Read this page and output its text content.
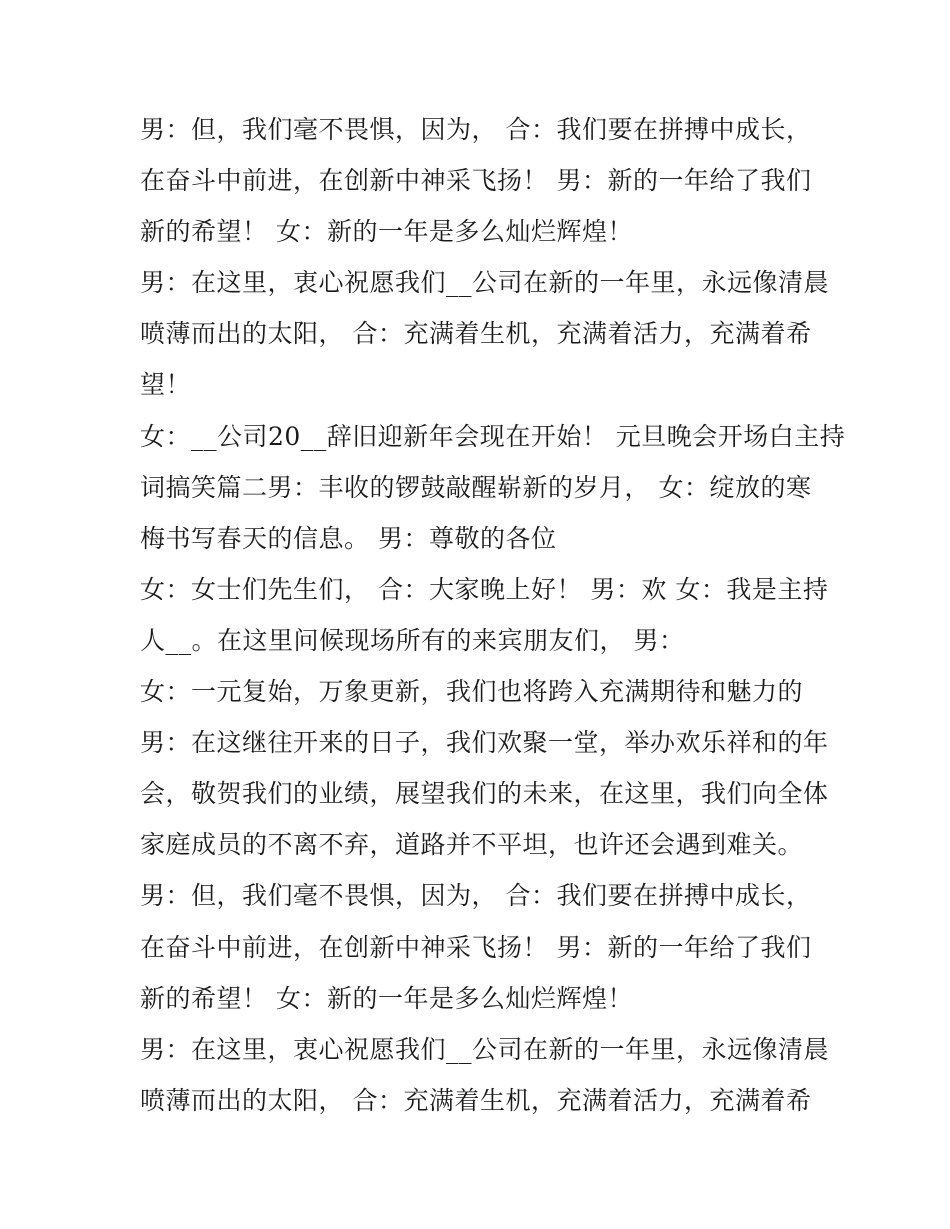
男：但，我们毫不畏惧，因为， 合：我们要在拼搏中成长，
在奋斗中前进，在创新中神采飞扬！ 男：新的一年给了我们
新的希望！ 女：新的一年是多么灿烂辉煌！
男：在这里，衷心祝愿我们__公司在新的一年里，永远像清晨
喷薄而出的太阳， 合：充满着生机，充满着活力，充满着希
望！
女：__公司20__辞旧迎新年会现在开始！ 元旦晚会开场白主持
词搞笑篇二男：丰收的锣鼓敲醒崭新的岁月， 女：绽放的寒
梅书写春天的信息。 男：尊敬的各位
女：女士们先生们， 合：大家晚上好！ 男：欢 女：我是主持
人__。在这里问候现场所有的来宾朋友们， 男：
女：一元复始，万象更新，我们也将跨入充满期待和魅力的
男：在这继往开来的日子，我们欢聚一堂，举办欢乐祥和的年
会，敬贺我们的业绩，展望我们的未来，在这里，我们向全体
家庭成员的不离不弃，道路并不平坦，也许还会遇到难关。
男：但，我们毫不畏惧，因为， 合：我们要在拼搏中成长，
在奋斗中前进，在创新中神采飞扬！ 男：新的一年给了我们
新的希望！ 女：新的一年是多么灿烂辉煌！
男：在这里，衷心祝愿我们__公司在新的一年里，永远像清晨
喷薄而出的太阳， 合：充满着生机，充满着活力，充满着希
